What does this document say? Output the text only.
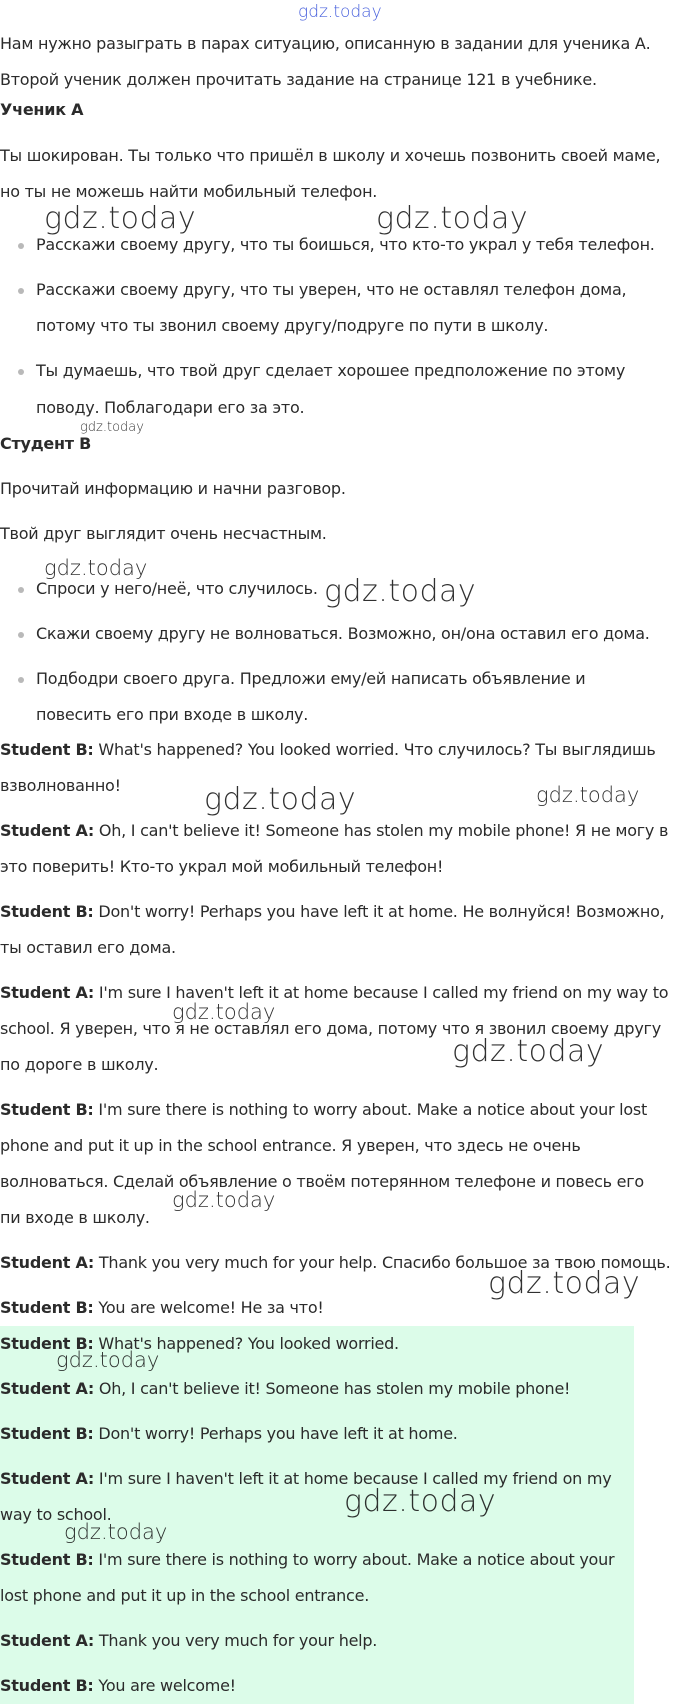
gdz.today
Нам нужно разыграть в парах ситуацию, описанную в задании для ученика А.
Второй ученик должен прочитать задание на странице 121 в учебнике.
Ученик А
Ты шокирован. Ты только что пришёл в школу и хочешь позвонить своей маме,
но ты не можешь найти мобильный телефон.
Расскажи своему другу, что ты боишься, что кто-то украл у тебя телефон.
Расскажи своему другу, что ты уверен, что не оставлял телефон дома,
потому что ты звонил своему другу/подруге по пути в школу.
Ты думаешь, что твой друг сделает хорошее предположение по этому
поводу. Поблагодари его за это.
Студент В
Прочитай информацию и начни разговор.
Твой друг выглядит очень несчастным.
Спроси у него/неё, что случилось.
Скажи своему другу не волноваться. Возможно, он/она оставил его дома.
Подбодри своего друга. Предложи ему/ей написать объявление и
повесить его при входе в школу.
Student B: What's happened? You looked worried. Что случилось? Ты выглядишь
взволнованно!
Student A: Oh, I can't believe it! Someone has stolen my mobile phone! Я не могу в
это поверить! Кто-то украл мой мобильный телефон!
Student B: Don't worry! Perhaps you have left it at home. Не волнуйся! Возможно,
ты оставил его дома.
Student A: I'm sure I haven't left it at home because I called my friend on my way to
school. Я уверен, что я не оставлял его дома, потому что я звонил своему другу
по дороге в школу.
Student B: I'm sure there is nothing to worry about. Make a notice about your lost
phone and put it up in the school entrance. Я уверен, что здесь не очень
волноваться. Сделай объявление о твоём потерянном телефоне и повесь его
пи входе в школу.
Student A: Thank you very much for your help. Спасибо большое за твою помощь.
Student B: You are welcome! Не за что!
Student B: What's happened? You looked worried.
Student A: Oh, I can't believe it! Someone has stolen my mobile phone!
Student B: Don't worry! Perhaps you have left it at home.
Student A: I'm sure I haven't left it at home because I called my friend on my
way to school.
Student B: I'm sure there is nothing to worry about. Make a notice about your
lost phone and put it up in the school entrance.
Student A: Thank you very much for your help.
Student B: You are welcome!
gdz.today	gdz.today
gdz.today
gdz.today
gdz.today
gdz.today	gdz.today
gdz.today
gdz.today
gdz.today
gdz.today
gdz.today
gdz.today
gdz.today
